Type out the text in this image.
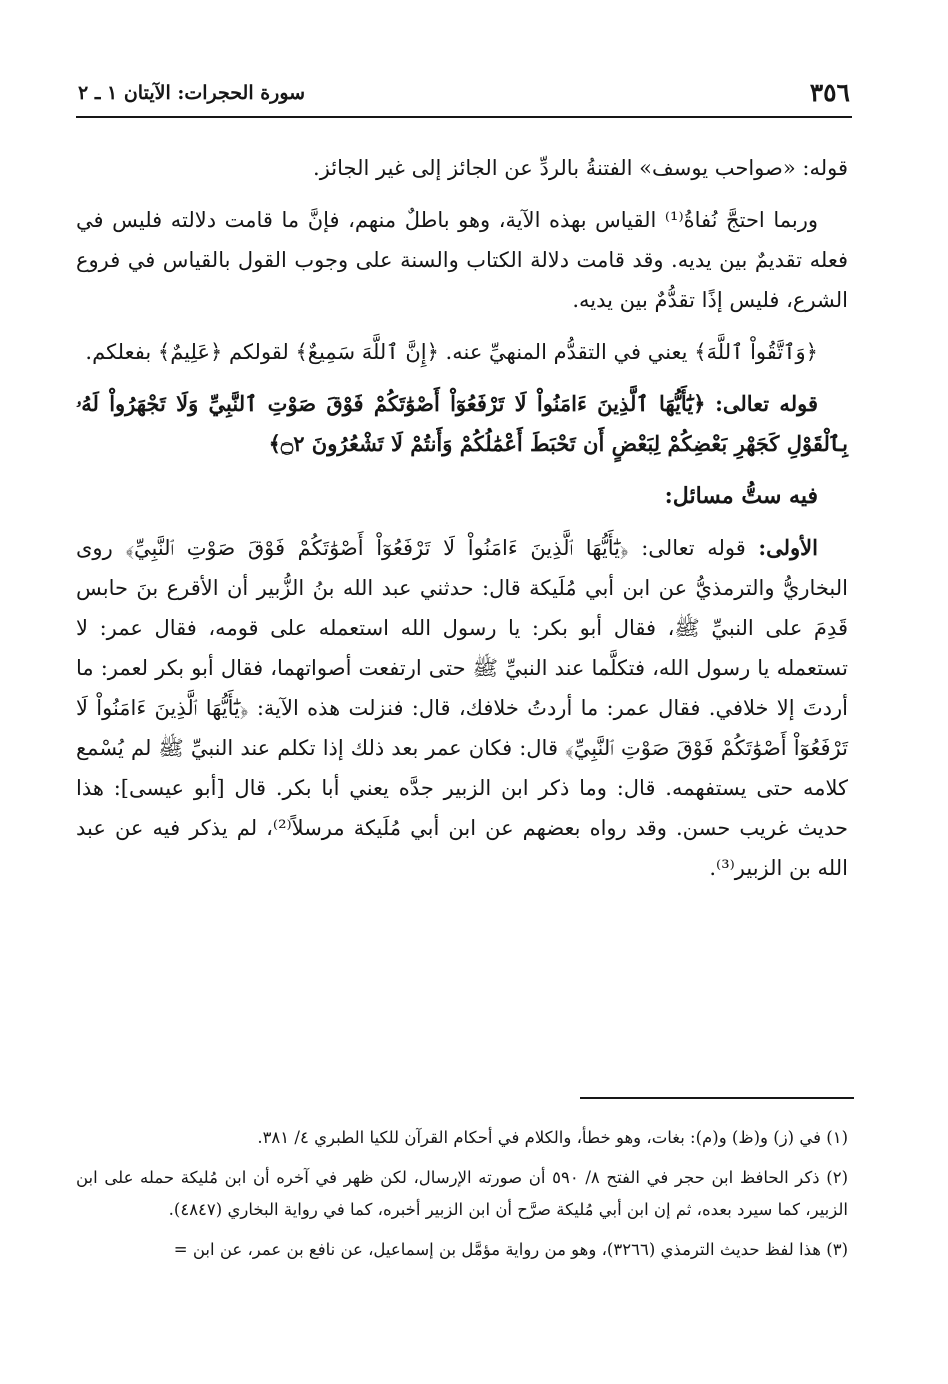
٣٥٦
سورة الحجرات: الآيتان ١ ـ ٢

قوله: «صواحب يوسف» الفتنةُ بالردِّ عن الجائز إلى غير الجائز.

وربما احتجَّ نُفاةُ⁽¹⁾ القياس بهذه الآية، وهو باطلٌ منهم، فإنَّ ما قامت دلالته فليس في فعله تقديمٌ بين يديه. وقد قامت دلالة الكتاب والسنة على وجوب القول بالقياس في فروع الشرع، فليس إذًا تقدُّمٌ بين يديه.

﴿وَٱتَّقُواْ ٱللَّهَ﴾ يعني في التقدُّم المنهيِّ عنه. ﴿إِنَّ ٱللَّهَ سَمِيعٌ﴾ لقولكم ﴿عَلِيمٌ﴾ بفعلكم.

قوله تعالى: ﴿يَٰٓأَيُّهَا ٱلَّذِينَ ءَامَنُواْ لَا تَرْفَعُوٓاْ أَصْوَٰتَكُمْ فَوْقَ صَوْتِ ٱلنَّبِيِّ وَلَا تَجْهَرُواْ لَهُۥ بِٱلْقَوْلِ كَجَهْرِ بَعْضِكُمْ لِبَعْضٍ أَن تَحْبَطَ أَعْمَٰلُكُمْ وَأَنتُمْ لَا تَشْعُرُونَ ۝٢﴾

فيه ستُّ مسائل:

الأولى: قوله تعالى: ﴿يَٰٓأَيُّهَا ٱلَّذِينَ ءَامَنُواْ لَا تَرْفَعُوٓاْ أَصْوَٰتَكُمْ فَوْقَ صَوْتِ ٱلنَّبِيِّ﴾ روى البخاريُّ والترمذيُّ عن ابن أبي مُلَيكة قال: حدثني عبد الله بنُ الزُّبير أن الأقرع بنَ حابس قَدِمَ على النبيِّ ﷺ، فقال أبو بكر: يا رسول الله استعمله على قومه، فقال عمر: لا تستعمله يا رسول الله، فتكلَّما عند النبيِّ ﷺ حتى ارتفعت أصواتهما، فقال أبو بكر لعمر: ما أردتَ إلا خلافي. فقال عمر: ما أردتُ خلافك، قال: فنزلت هذه الآية: ﴿يَٰٓأَيُّهَا ٱلَّذِينَ ءَامَنُواْ لَا تَرْفَعُوٓاْ أَصْوَٰتَكُمْ فَوْقَ صَوْتِ ٱلنَّبِيِّ﴾ قال: فكان عمر بعد ذلك إذا تكلم عند النبيِّ ﷺ لم يُسْمع كلامه حتى يستفهمه. قال: وما ذكر ابن الزبير جدَّه يعني أبا بكر. قال [أبو عيسى]: هذا حديث غريب حسن. وقد رواه بعضهم عن ابن أبي مُلَيكة مرسلاً⁽²⁾، لم يذكر فيه عن عبد الله بن الزبير⁽³⁾.

(١) في (ز) و(ظ) و(م): بغات، وهو خطأ، والكلام في أحكام القرآن للكيا الطبري ٤/ ٣٨١.

(٢) ذكر الحافظ ابن حجر في الفتح ٨/ ٥٩٠ أن صورته الإرسال، لكن ظهر في آخره أن ابن مُليكة حمله على ابن الزبير، كما سيرد بعده، ثم إن ابن أبي مُليكة صرَّح أن ابن الزبير أخبره، كما في رواية البخاري (٤٨٤٧).

(٣) هذا لفظ حديث الترمذي (٣٢٦٦)، وهو من رواية مؤمَّل بن إسماعيل، عن نافع بن عمر، عن ابن =
